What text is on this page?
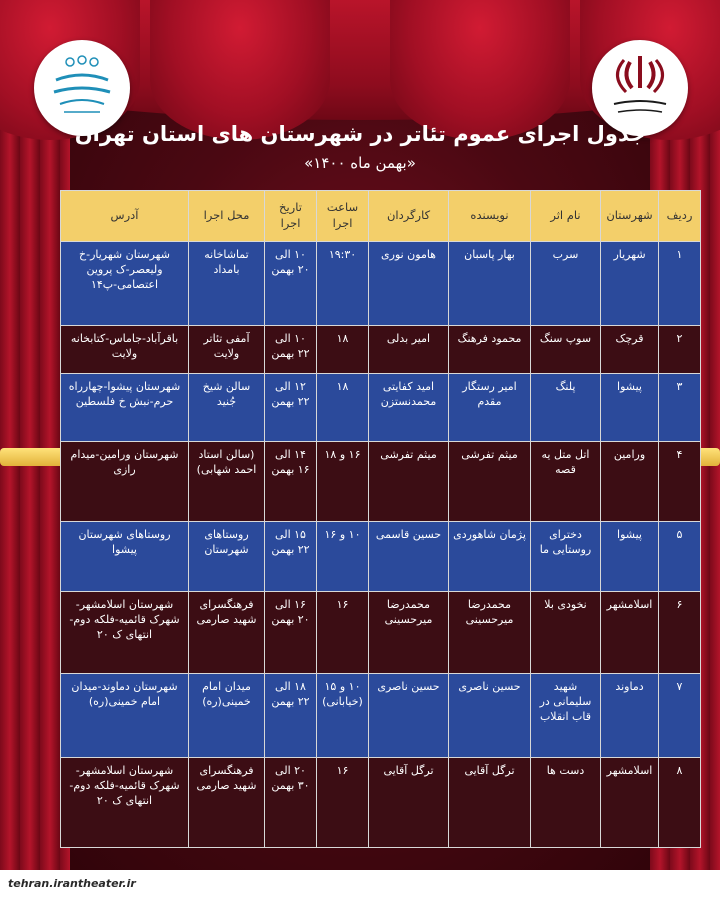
جدول اجرای عموم تئاتر در شهرستان های استان تهران
«بهمن ماه ۱۴۰۰»
ردیف	شهرستان	نام اثر	نویسنده	کارگردان	ساعت اجرا	تاریخ اجرا	محل اجرا	آدرس
۱	شهریار	سرب	بهار پاسبان	هامون نوری	۱۹:۳۰	۱۰ الی ۲۰ بهمن	تماشاخانه بامداد	شهرستان شهریار-خ ولیعصر-ک پروین اعتصامی-پ۱۴
۲	قرچک	سوپ سنگ	محمود فرهنگ	امیر بدلی	۱۸	۱۰ الی ۲۲ بهمن	آمفی تئاتر ولایت	باقرآباد-جاماس-کتابخانه ولایت
۳	پیشوا	پلنگ	امیر رستگار مقدم	امید کفایتی محمدنستزن	۱۸	۱۲ الی ۲۲ بهمن	سالن شیخ جُنید	شهرستان پیشوا-چهارراه حرم-نبش خ فلسطین
۴	ورامین	اتل متل یه قصه	میثم تفرشی	میثم تفرشی	۱۶ و ۱۸	۱۴ الی ۱۶ بهمن	(سالن استاد احمد شهابی)	شهرستان ورامین-میدام رازی
۵	پیشوا	دخترای روستایی ما	پژمان شاهوردی	حسین قاسمی	۱۰ و ۱۶	۱۵ الی ۲۲ بهمن	روستاهای شهرستان	روستاهای شهرستان پیشوا
۶	اسلامشهر	نخودی بلا	محمدرضا میرحسینی	محمدرضا میرحسینی	۱۶	۱۶ الی ۲۰ بهمن	فرهنگسرای شهید صارمی	شهرستان اسلامشهر-شهرک قائمیه-فلکه دوم-انتهای ک ۲۰
۷	دماوند	شهید سلیمانی در قاب انقلاب	حسین ناصری	حسین ناصری	۱۰ و ۱۵ (خیابانی)	۱۸ الی ۲۲ بهمن	میدان امام خمینی(ره)	شهرستان دماوند-میدان امام خمینی(ره)
۸	اسلامشهر	دست ها	ترگل آقایی	ترگل آقایی	۱۶	۲۰ الی ۳۰ بهمن	فرهنگسرای شهید صارمی	شهرستان اسلامشهر-شهرک قائمیه-فلکه دوم-انتهای ک ۲۰
tehran.irantheater.ir
